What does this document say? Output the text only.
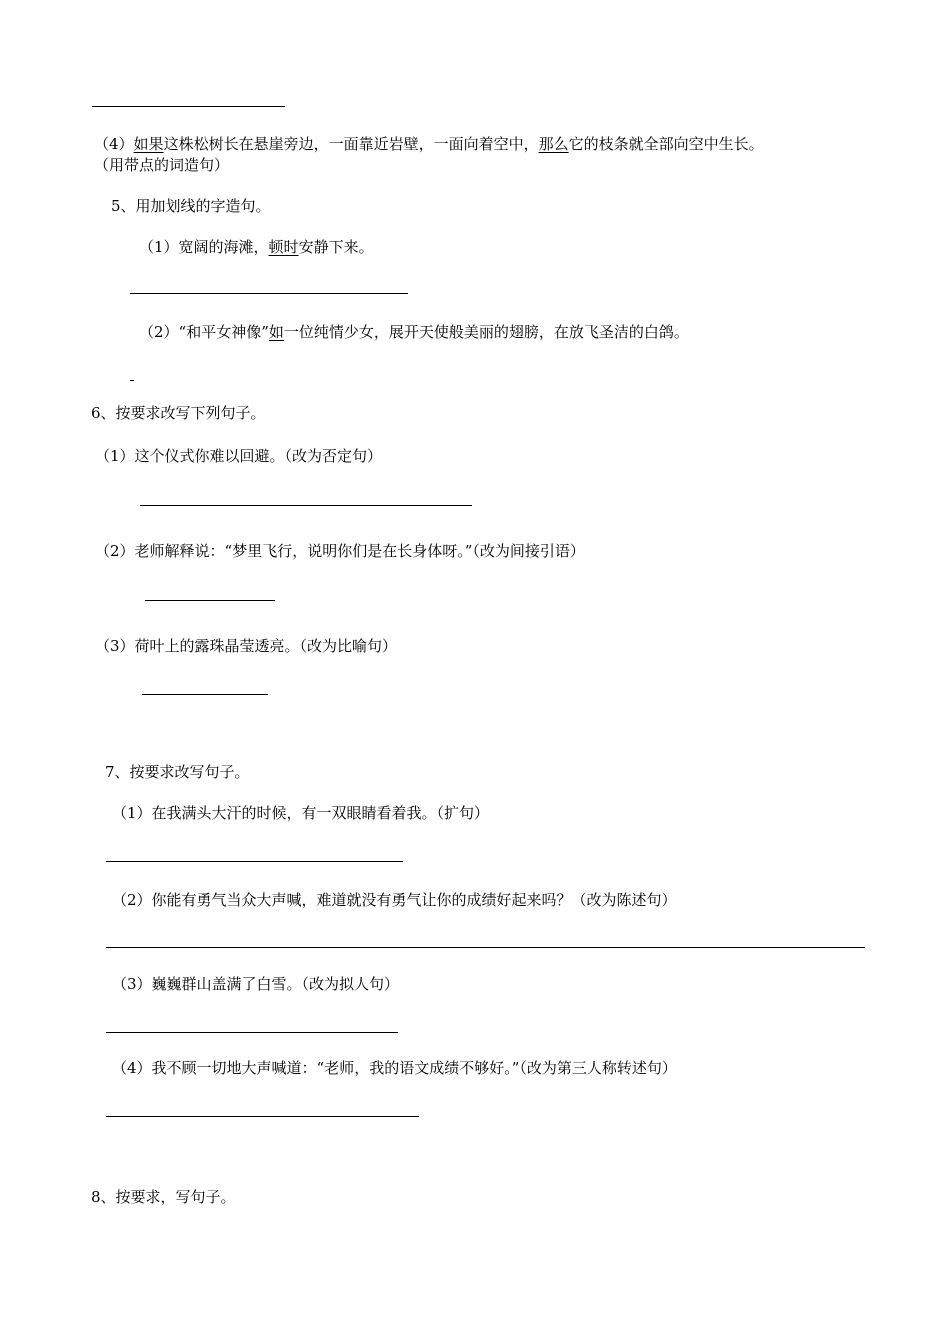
（4）如果这株松树长在悬崖旁边，一面靠近岩壁，一面向着空中，那么它的枝条就全部向空中生长。
（用带点的词造句）
5、用加划线的字造句。
（1）宽阔的海滩，顿时安静下来。
（2）“和平女神像”如一位纯情少女，展开天使般美丽的翅膀，在放飞圣洁的白鸽。
6、按要求改写下列句子。
（1）这个仪式你难以回避。（改为否定句）
（2）老师解释说：“梦里飞行，说明你们是在长身体呀。”（改为间接引语）
（3）荷叶上的露珠晶莹透亮。（改为比喻句）
7、按要求改写句子。
（1）在我满头大汗的时候，有一双眼睛看着我。（扩句）
（2）你能有勇气当众大声喊，难道就没有勇气让你的成绩好起来吗？（改为陈述句）
（3）巍巍群山盖满了白雪。（改为拟人句）
（4）我不顾一切地大声喊道：“老师，我的语文成绩不够好。”（改为第三人称转述句）
8、按要求，写句子。
